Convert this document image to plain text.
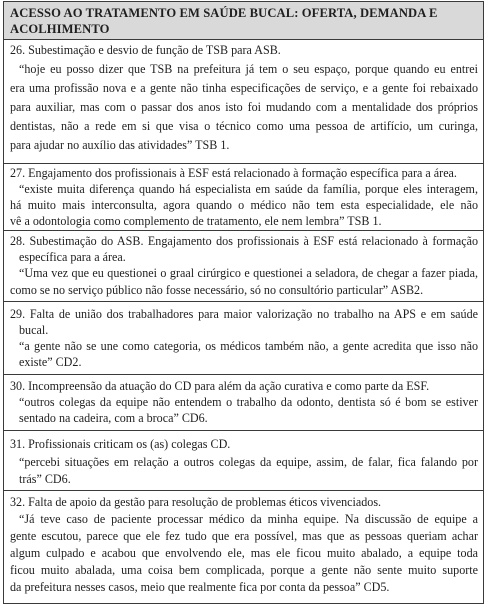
ACESSO AO TRATAMENTO EM SAÚDE BUCAL: OFERTA, DEMANDA E
ACOLHIMENTO
26. Subestimação e desvio de função de TSB para ASB.
“hoje eu posso dizer que TSB na prefeitura já tem o seu espaço, porque quando eu entrei
era uma profissão nova e a gente não tinha especificações de serviço, e a gente foi rebaixado
para auxiliar, mas com o passar dos anos isto foi mudando com a mentalidade dos próprios
dentistas, não a rede em si que visa o técnico como uma pessoa de artifício, um curinga,
para ajudar no auxílio das atividades” TSB 1.
27. Engajamento dos profissionais à ESF está relacionado à formação específica para a área.
“existe muita diferença quando há especialista em saúde da família, porque eles interagem,
há muito mais interconsulta, agora quando o médico não tem esta especialidade, ele não
vê a odontologia como complemento de tratamento, ele nem lembra” TSB 1.
28. Subestimação do ASB. Engajamento dos profissionais à ESF está relacionado à formação
específica para a área.
“Uma vez que eu questionei o graal cirúrgico e questionei a seladora, de chegar a fazer piada,
como se no serviço público não fosse necessário, só no consultório particular” ASB2.
29. Falta de união dos trabalhadores para maior valorização no trabalho na APS e em saúde
bucal.
“a gente não se une como categoria, os médicos também não, a gente acredita que isso não
existe” CD2.
30. Incompreensão da atuação do CD para além da ação curativa e como parte da ESF.
“outros colegas da equipe não entendem o trabalho da odonto, dentista só é bom se estiver
sentado na cadeira, com a broca” CD6.
31. Profissionais criticam os (as) colegas CD.
“percebi situações em relação a outros colegas da equipe, assim, de falar, fica falando por
trás” CD6.
32. Falta de apoio da gestão para resolução de problemas éticos vivenciados.
“Já teve caso de paciente processar médico da minha equipe. Na discussão de equipe a
gente escutou, parece que ele fez tudo que era possível, mas que as pessoas queriam achar
algum culpado e acabou que envolvendo ele, mas ele ficou muito abalado, a equipe toda
ficou muito abalada, uma coisa bem complicada, porque a gente não sente muito suporte
da prefeitura nesses casos, meio que realmente fica por conta da pessoa” CD5.
